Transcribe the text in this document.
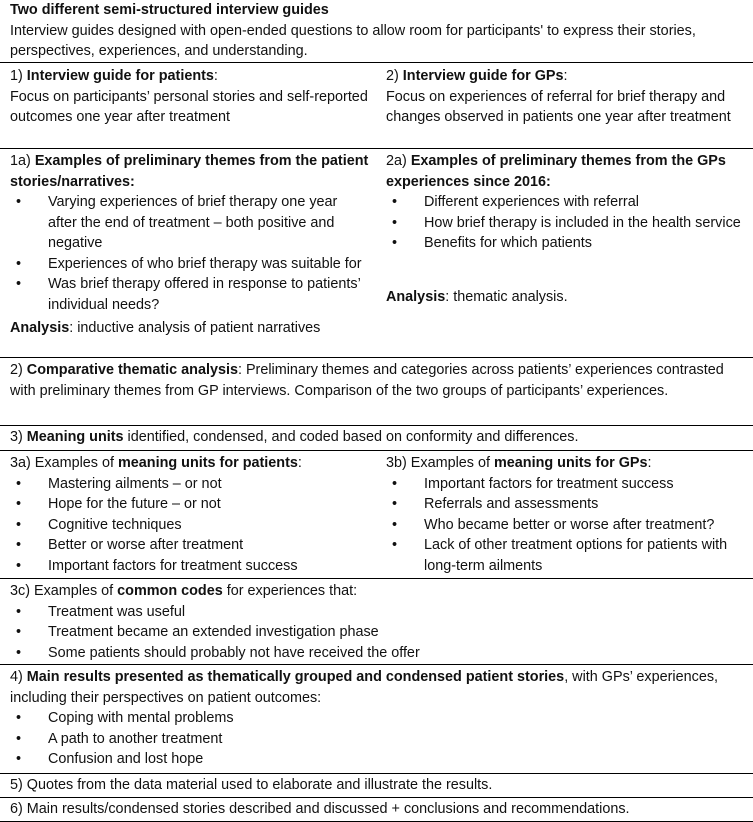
Two different semi-structured interview guides

Interview guides designed with open-ended questions to allow room for participants' to express their stories, perspectives, experiences, and understanding.

1) Interview guide for patients:

Focus on participants’ personal stories and self-reported outcomes one year after treatment

2) Interview guide for GPs:

Focus on experiences of referral for brief therapy and changes observed in patients one year after treatment

1a) Examples of preliminary themes from the patient stories/narratives:

• Varying experiences of brief therapy one year after the end of treatment – both positive and negative
• Experiences of who brief therapy was suitable for
• Was brief therapy offered in response to patients’ individual needs?

Analysis: inductive analysis of patient narratives

2a) Examples of preliminary themes from the GPs experiences since 2016:

• Different experiences with referral
• How brief therapy is included in the health service
• Benefits for which patients

Analysis: thematic analysis.

2) Comparative thematic analysis: Preliminary themes and categories across patients’ experiences contrasted with preliminary themes from GP interviews. Comparison of the two groups of participants’ experiences.

3) Meaning units identified, condensed, and coded based on conformity and differences.

3a) Examples of meaning units for patients:

• Mastering ailments – or not
• Hope for the future – or not
• Cognitive techniques
• Better or worse after treatment
• Important factors for treatment success

3b) Examples of meaning units for GPs:

• Important factors for treatment success
• Referrals and assessments
• Who became better or worse after treatment?
• Lack of other treatment options for patients with long-term ailments

3c) Examples of common codes for experiences that:

• Treatment was useful
• Treatment became an extended investigation phase
• Some patients should probably not have received the offer

4) Main results presented as thematically grouped and condensed patient stories, with GPs’ experiences, including their perspectives on patient outcomes:

• Coping with mental problems
• A path to another treatment
• Confusion and lost hope

5) Quotes from the data material used to elaborate and illustrate the results.

6) Main results/condensed stories described and discussed + conclusions and recommendations.
